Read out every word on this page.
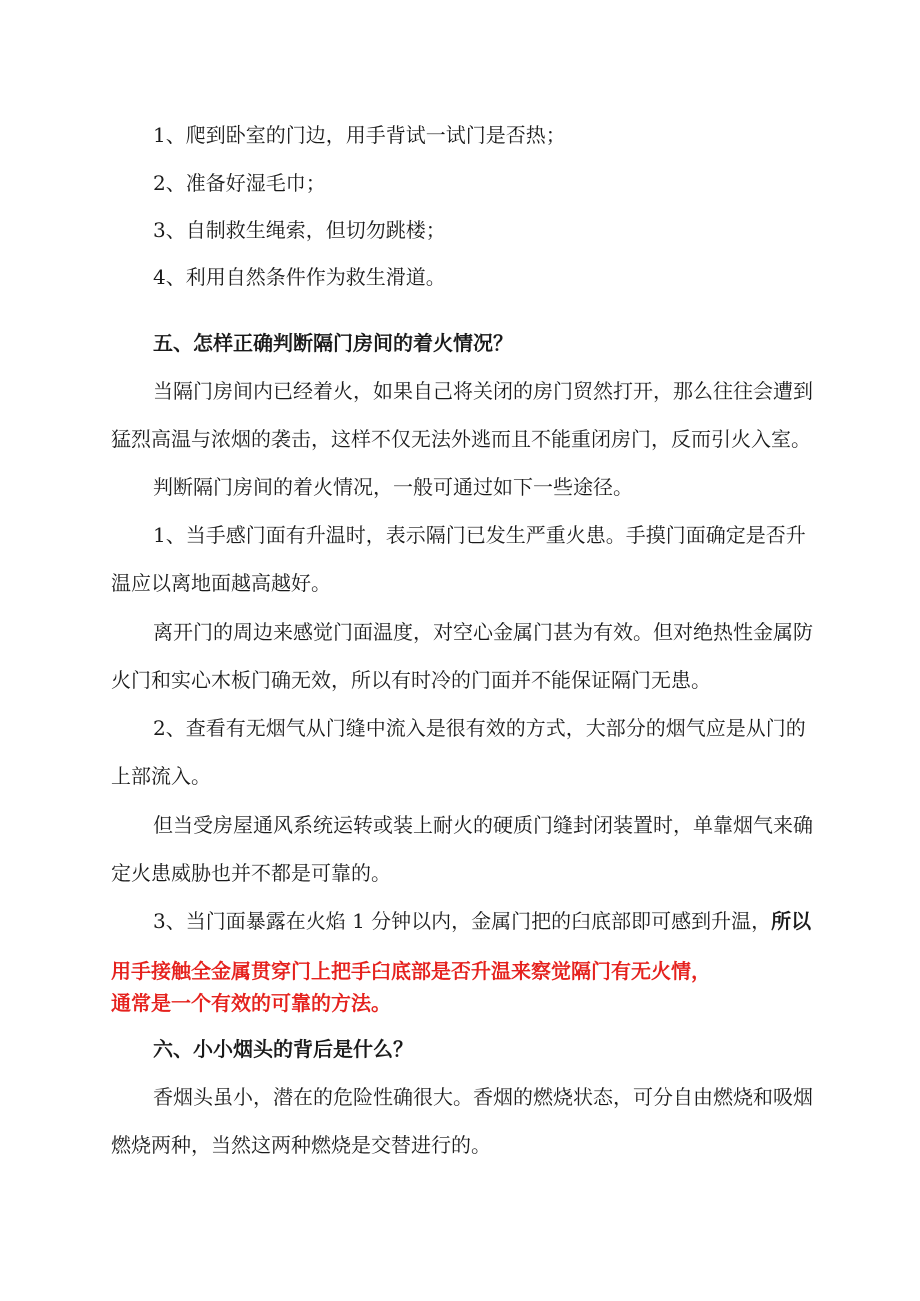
1、爬到卧室的门边，用手背试一试门是否热；
2、准备好湿毛巾；
3、自制救生绳索，但切勿跳楼；
4、利用自然条件作为救生滑道。
五、怎样正确判断隔门房间的着火情况？
当隔门房间内已经着火，如果自己将关闭的房门贸然打开，那么往往会遭到
猛烈高温与浓烟的袭击，这样不仅无法外逃而且不能重闭房门，反而引火入室。
判断隔门房间的着火情况，一般可通过如下一些途径。
1、当手感门面有升温时，表示隔门已发生严重火患。手摸门面确定是否升
温应以离地面越高越好。
离开门的周边来感觉门面温度，对空心金属门甚为有效。但对绝热性金属防
火门和实心木板门确无效，所以有时冷的门面并不能保证隔门无患。
2、查看有无烟气从门缝中流入是很有效的方式，大部分的烟气应是从门的
上部流入。
但当受房屋通风系统运转或装上耐火的硬质门缝封闭装置时，单靠烟气来确
定火患威胁也并不都是可靠的。
3、当门面暴露在火焰 1 分钟以内，金属门把的臼底部即可感到升温，所以
用手接触全金属贯穿门上把手臼底部是否升温来察觉隔门有无火情，
通常是一个有效的可靠的方法。
六、小小烟头的背后是什么？
香烟头虽小，潜在的危险性确很大。香烟的燃烧状态，可分自由燃烧和吸烟
燃烧两种，当然这两种燃烧是交替进行的。
